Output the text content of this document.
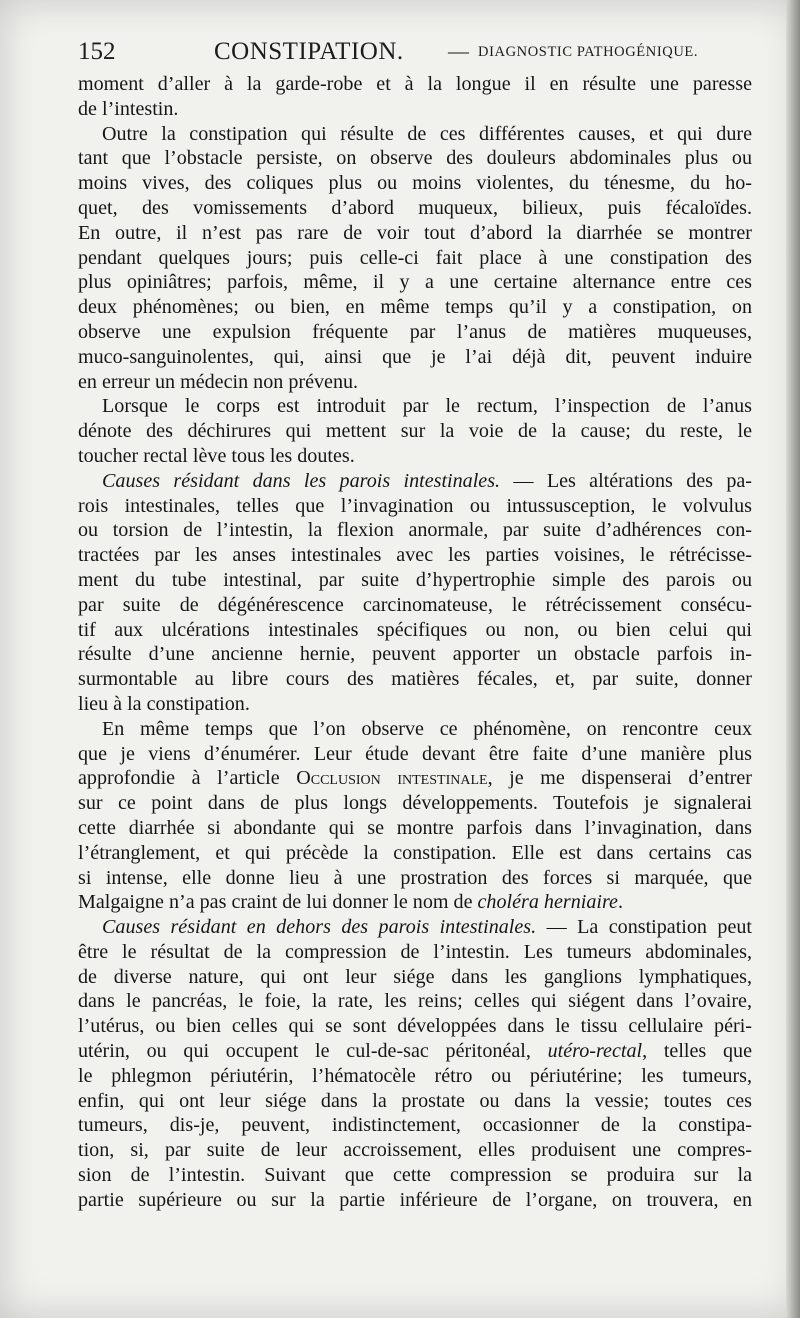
152	CONSTIPATION. — DIAGNOSTIC PATHOGÉNIQUE.
moment d’aller à la garde-robe et à la longue il en résulte une paresse
de l’intestin.
Outre la constipation qui résulte de ces différentes causes, et qui dure
tant que l’obstacle persiste, on observe des douleurs abdominales plus ou
moins vives, des coliques plus ou moins violentes, du ténesme, du ho-
quet, des vomissements d’abord muqueux, bilieux, puis fécaloïdes.
En outre, il n’est pas rare de voir tout d’abord la diarrhée se montrer
pendant quelques jours; puis celle-ci fait place à une constipation des
plus opiniâtres; parfois, même, il y a une certaine alternance entre ces
deux phénomènes; ou bien, en même temps qu’il y a constipation, on
observe une expulsion fréquente par l’anus de matières muqueuses,
muco-sanguinolentes, qui, ainsi que je l’ai déjà dit, peuvent induire
en erreur un médecin non prévenu.
Lorsque le corps est introduit par le rectum, l’inspection de l’anus
dénote des déchirures qui mettent sur la voie de la cause; du reste, le
toucher rectal lève tous les doutes.
Causes résidant dans les parois intestinales. — Les altérations des pa-
rois intestinales, telles que l’invagination ou intussusception, le volvulus
ou torsion de l’intestin, la flexion anormale, par suite d’adhérences con-
tractées par les anses intestinales avec les parties voisines, le rétrécisse-
ment du tube intestinal, par suite d’hypertrophie simple des parois ou
par suite de dégénérescence carcinomateuse, le rétrécissement consécu-
tif aux ulcérations intestinales spécifiques ou non, ou bien celui qui
résulte d’une ancienne hernie, peuvent apporter un obstacle parfois in-
surmontable au libre cours des matières fécales, et, par suite, donner
lieu à la constipation.
En même temps que l’on observe ce phénomène, on rencontre ceux
que je viens d’énumérer. Leur étude devant être faite d’une manière plus
approfondie à l’article Occlusion intestinale, je me dispenserai d’entrer
sur ce point dans de plus longs développements. Toutefois je signalerai
cette diarrhée si abondante qui se montre parfois dans l’invagination, dans
l’étranglement, et qui précède la constipation. Elle est dans certains cas
si intense, elle donne lieu à une prostration des forces si marquée, que
Malgaigne n’a pas craint de lui donner le nom de choléra herniaire.
Causes résidant en dehors des parois intestinales. — La constipation peut
être le résultat de la compression de l’intestin. Les tumeurs abdominales,
de diverse nature, qui ont leur siége dans les ganglions lymphatiques,
dans le pancréas, le foie, la rate, les reins; celles qui siégent dans l’ovaire,
l’utérus, ou bien celles qui se sont développées dans le tissu cellulaire péri-
utérin, ou qui occupent le cul-de-sac péritonéal, utéro-rectal, telles que
le phlegmon périutérin, l’hématocèle rétro ou périutérine; les tumeurs,
enfin, qui ont leur siége dans la prostate ou dans la vessie; toutes ces
tumeurs, dis-je, peuvent, indistinctement, occasionner de la constipa-
tion, si, par suite de leur accroissement, elles produisent une compres-
sion de l’intestin. Suivant que cette compression se produira sur la
partie supérieure ou sur la partie inférieure de l’organe, on trouvera, en
